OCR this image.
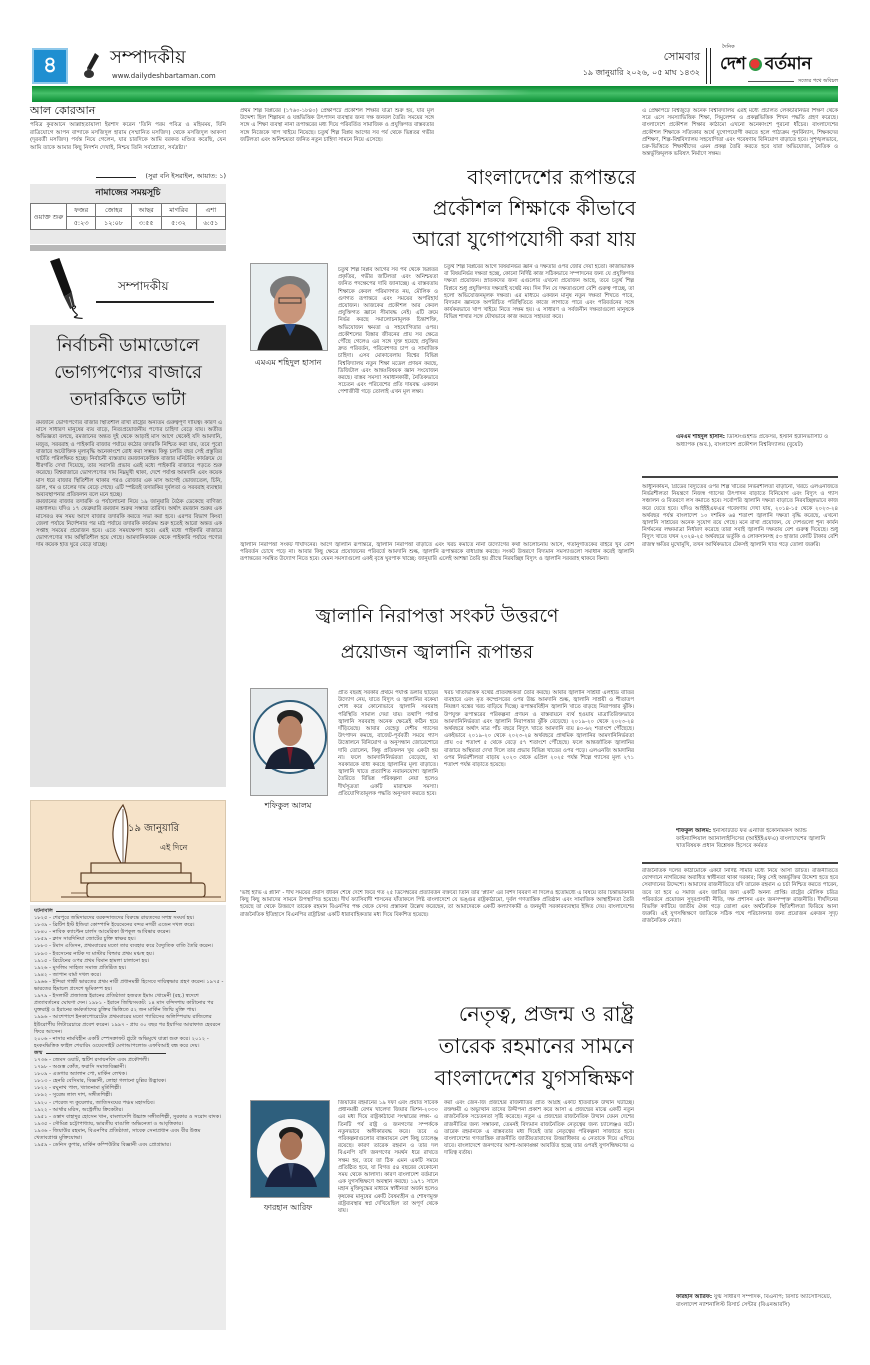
৪	সম্পাদকীয়
www.dailydeshbartaman.com
সোমবার
১৯ জানুয়ারি ২০২৬, ০৫ মাঘ ১৪৩২
দৈনিক
দেশ বর্তমান
সত্যের পথে অবিচল
আল কোরআন
পবিত্র কুরআনে আল্লাহতায়ালা ইরশাদ করেন 'তিনি পরম পবিত্র ও মহিমময়, যিনি রাত্রিযোগে আপন বান্দাকে মসজিদুল হারাম (সম্মানিত মসজিদ) থেকে মসজিদুল আকসা (দূরবর্তী মসজিদ) পর্যন্ত নিয়ে গেলেন, যার চারদিকে আমি বরকত মণ্ডিত করেছি, যেন আমি তাকে আমার কিছু নিদর্শন দেখাই, নিশ্চয় তিনি সর্বশ্রোতা, সর্বদ্রষ্টা।'
(সুরা বনি ইসরাইল, আয়াত: ১)
নামাজের সময়সূচি
ওয়াক্ত শুরু	ফজর	জোহর	আছর	মাগরিব	এশা
	৫:২৩	১২:০৮	৩:৫৫	৫:৩২	৬:৫১
সম্পাদকীয়
নির্বাচনী ডামাডোলে ভোগ্যপণ্যের বাজারে তদারকিতে ভাটা

রমজানে ভোগ্যপণ্যের বাজার স্থিতিশীল রাখা রাষ্ট্রের অন্যতম গুরুত্বপূর্ণ দায়িত্ব। কারণ এ মাসে সাধারণ মানুষের ব্যয় বাড়ে, নিত্যপ্রয়োজনীয় পণ্যের চাহিদা বেড়ে যায়। অতীত অভিজ্ঞতা বলছে, রমজানের অন্তত দুই থেকে আড়াই মাস আগে থেকেই যদি আমদানি, মজুত, সরবরাহ ও পাইকারি বাজার পর্যায়ে কঠোর তদারকি নিশ্চিত করা যায়, তবে পুরো বাজারে অযৌক্তিক মূল্যবৃদ্ধি অনেকাংশে রোধ করা সম্ভব। কিন্তু চলতি বছর সেই প্রস্তুতির ঘাটতি পরিলক্ষিত হচ্ছে। নির্বাচনী ব্যস্ততায় রমজানকেন্দ্রিক বাজার মনিটরিং কার্যক্রমে যে ধীরগতি দেখা দিয়েছে, তার সরাসরি প্রভাব এরই মধ্যে পাইকারি বাজারে পড়তে শুরু করেছে। বিশ্ববাজারে ভোগ্যপণ্যের দাম নিম্নমুখী থাকা, দেশে পর্যাপ্ত আমদানি এবং কয়েক মাস ধরে বাজার স্থিতিশীল থাকার পরও রোজার এক মাস আগেই ভোজ্যতেল, চিনি, ডাল, গম ও চালের দাম বেড়ে গেছে। এটি স্পষ্টতই তদারকির দুর্বলতা ও সরবরাহ ব্যবস্থার অব্যবস্থাপনার প্রতিফলন বলে মনে হচ্ছে।

রমজানের বাজার তদারকি ও পর্যালোচনা নিয়ে ১৯ জানুয়ারি বৈঠক ডেকেছে বাণিজ্য মন্ত্রণালয়। যদিও ১৭ ফেব্রুয়ারি রমজান শুরুর সম্ভাব্য তারিখ। অর্থাৎ রমজান শুরুর এক মাসেরও কম সময় আগে বাজার তদারকি করতে সভা করা হবে। এরপর বিভাগ কিংবা জেলা পর্যায়ে নির্দেশনার পর মাঠ পর্যায়ে তদারকি কার্যক্রম শুরু হতেই আরো অন্তত এক সপ্তাহ সময়ের প্রয়োজন হবে। এতে সময়ক্ষেপণ হবে। এরই মধ্যে পাইকারি বাজারে ভোগ্যপণ্যের দাম অস্থিতিশীল হয়ে গেছে। আমদানিকারক থেকে পাইকারি পর্যায়ে পণ্যের দাম কয়েক হাত ঘুরে বেড়ে যাচ্ছে।

১৯ জানুয়ারি
এই দিনে
ঘটনাবলি
১৮২৫ - শেরপুরে জমিদারদের বরকন্দাজদের বিরুদ্ধে রায়তদের সশস্ত্র সংঘর্ষ হয়।
১৮৩৯ - ব্রিটিশ ইস্ট ইন্ডিয়া কোম্পানি ইয়েমেনের বন্দর নগরী এডেন দখল করে।
১৮৪০ - নাবিক ক্যাপ্টেন চার্লস আমেরিকা উপকূল আবিষ্কার করেন।
১৮৫৯ - ক্লাস সারদিনিয়া জোটের চুক্তি স্বাক্ষর হয়।
১৮৮৩ - টমাস এডিসন, প্রথমবারের মতো তার ব্যবহার করে বৈদ্যুতিক বাতি তৈরি করেন।
১৮৯৩ - ইবসেনের নাটক দ্য মাস্টার বিল্ডার প্রথম মঞ্চস্থ হয়।
১৯১৫ - ব্রিটেনের ওপর প্রথম বিমান হামলা চালানো হয়।
১৯২৬ - মুসলিম সাহিত্য সমাজ প্রতিষ্ঠিত হয়।
১৯৪২ - জাপান বার্মা দখল করে।
১৯৬৬ - ইন্দিরা গান্ধী ভারতের প্রথম নারী প্রধানমন্ত্রী হিসেবে দায়িত্বভার গ্রহণ করেন। ১৯৭৫ - ভারতের হিমাচল প্রদেশে ভূমিকম্প হয়।
১৯৭৯ - ইসলামী প্রজাতন্ত্র ইরানের প্রতিষ্ঠাতা হজরত ইমাম খোমেনী (রহ.) স্বদেশে প্রত্যাবর্তনের ঘোষণা দেন। ১৯৮১ - ইরানে জিম্মিসংকট: ১৪ মাস বন্দিদশায় কাটানোর পর যুক্তরাষ্ট্র ও ইরানের কর্মকর্তাদের চুক্তির ভিত্তিতে ৫২ জন মার্কিন জিম্মি মুক্তি পায়।
১৯৯৬ - আশেপাশে ইনকাপোরেটেড প্রথমবারের মতো প্যারিসের অলিম্পিয়ায় রাজিলের ইউরোপীয় লিটারেচারে প্রবেশ করেন। ১৯৯৭ - প্রায় ৩০ বছর পর ইয়াসির আরাফাত হেবরনে ফিরে আসেন।
২০০৬ - নাসার নামবিহীন একটি স্পেসক্রাফট প্লুটো অভিমুখে যাত্রা শুরু করে। ২০১২ - হংকংভিত্তিক ফাইল শেয়ারিং ওয়েবসাইট মেগাআপলোড এফবিআই বন্ধ করে দেয়।
জন্ম
১৭৩৬ - জেমস ওয়াট, স্কটিশ রসায়নবিদ এবং প্রকৌশলী।
১৭৯৮ - অগুস্ত কোঁত, ফরাসি সমাজবিজ্ঞানী।
১৮০৯ - এডগার অ্যালান পো, মার্কিন লেখক।
১৮১৩ - হেনরি বেসিমার, বিজ্ঞানী, লোহা গলানো চুল্লির উদ্ভাবক।
১৮২২ - রঘুনাথ পাল, খ্যাতনামা মূর্তিশিল্পী।
১৮৯২ - সুরেন্দ্র লাল দাশ, সঙ্গীতশিল্পী।
১৯২০ - পেরেজ দ্য কুয়েলার, জাতিসংঘের পঞ্চম মহাসচিব।
১৯২২ - আর্থার মরিস, অস্ট্রেলীয় ক্রিকেটার।
১৯৫১ - ওস্তাদ বাহাদুর হোসেন খান, বাংলাদেশি উচ্চাঙ্গ সঙ্গীতশিল্পী, সুরকার ও সরোদ বাদক।
১৯৩৫ - সৌমিত্র চট্টোপাধ্যায়, ভারতীয় বাঙালি অভিনেতা ও আবৃত্তিকার।
১৯৩৬ - জিয়াউর রহমান, বিএনপির প্রতিষ্ঠাতা, সাবেক সেনাপ্রধান এবং বীর উত্তম খেতাবপ্রাপ্ত মুক্তিযোদ্ধা।
১৯৫৯ - ডেনিস কুপার, মার্কিন কম্পিউটার বিজ্ঞানী এবং প্রোগ্রামার।
প্রথম শিল্প বিপ্লবের (১৭৬০-১৮৪০) প্রেক্ষাপটে প্রকৌশল শিক্ষার যাত্রা শুরু হয়, যার মূল উদ্দেশ্য ছিল শিল্পায়ন ও যন্ত্রভিত্তিক উৎপাদন ব্যবস্থার জন্য দক্ষ জনবল তৈরি। সময়ের সঙ্গে সঙ্গে এ শিক্ষা ব্যবস্থা নানা রূপান্তরের মধ্য দিয়ে পরিবর্তিত সামাজিক ও প্রযুক্তিগত বাস্তবতার সঙ্গে নিজেকে খাপ খাইয়ে নিয়েছে। চতুর্থ শিল্প বিপ্লব আগের সব পর্ব থেকে ভিন্নতর গভীর জটিলতা এবং অনিশ্চয়তা জনিত নতুন চাহিদা সামনে নিয়ে এসেছে।
বাংলাদেশের রূপান্তরে
প্রকৌশল শিক্ষাকে কীভাবে
আরো যুগোপযোগী করা যায়
এমএম শহিদুল হাসান
চতুর্থ শিল্প বিপ্লব আগের সব পর্ব থেকে ভিন্নতর প্রকৃতির, গভীর জটিলতা এবং অনিশ্চয়তা জনিত পদক্ষেপের দাবি জানাচ্ছে। এ বাস্তবতায় শিক্ষাকে কেবল পরিমাণগত নয়, মৌলিক ও গুণগত রূপান্তরে এবং সময়ের অপরিহার্য প্রয়োজন। আজকের প্রকৌশল আর কেবল প্রযুক্তিগত জ্ঞানে সীমাবদ্ধ নেই। এটি ক্রমে নির্ভর করছে সমালোচনামূলক চিন্তাশক্তি, অভিযোজন ক্ষমতা ও সহযোগিতার ওপর। প্রকৌশলের বিস্তার জীবনের প্রায় সব ক্ষেত্রে পৌঁছে গেলেও এর সঙ্গে যুক্ত হয়েছে প্রযুক্তির দ্রুত পরিবর্তন, পরিবেশগত চাপ ও সামাজিক চাহিদা। এসব মোকাবেলায় বিশ্বের বিভিন্ন বিশ্ববিদ্যালয় নতুন শিক্ষা মডেল প্রণয়ন করছে, ডিজিটাল এবং আন্তঃবিষয়ক জ্ঞান সংযোজন করছে। বাস্তব সমস্যা সমাধানকারী, নৈতিকভাবে সচেতন এবং পরিবেশের প্রতি দায়বদ্ধ একজন পেশাজীবী গড়ে তোলাই এখন মূল লক্ষ্য।
চতুর্থ শিল্প বিপ্লবের আগে বিষয়নির্ভর জ্ঞান ও দক্ষতার ওপর জোর দেয়া হতো। কাজভিত্তিক বা বিষয়নির্ভর দক্ষতা হচ্ছে, কোনো নির্দিষ্ট কাজ সঠিকভাবে সম্পাদনের জন্য যে প্রযুক্তিগত দক্ষতা প্রয়োজন। স্নাতকদের জন্য এগুলোর এখনো প্রয়োজন আছে, তবে চতুর্থ শিল্প বিপ্লবে শুধু প্রযুক্তিগত দক্ষতাই যথেষ্ট নয়। দিন দিন যে দক্ষতাগুলো বেশি গুরুত্ব পাচ্ছে, তা হলো অভিযোজনমূলক দক্ষতা। এর মাধ্যমে একজন মানুষ নতুন দক্ষতা শিখতে পারে, বিদ্যমান জ্ঞানকে অপরিচিত পরিস্থিতিতে কাজে লাগাতে পারে এবং পরিবর্তনের সঙ্গে কার্যকরভাবে খাপ খাইয়ে নিতে সক্ষম হয়। এ সাধারণ ও সর্বজনীন দক্ষতাগুলো মানুষকে বিভিন্ন শাখার সঙ্গে যৌথভাবে কাজ করতে সহায়তা করে।
এ প্রেক্ষাপটে বিশ্বজুড়ে অনেক বিশ্ববিদ্যালয় এরই মধ্যে প্রচলিত লেকচারনির্ভর শিক্ষণ থেকে সরে এসে সমস্যাভিত্তিক শিক্ষা, সিমুলেশন ও প্রকল্পভিত্তিক শিখন পদ্ধতি গ্রহণ করেছে। বাংলাদেশে প্রকৌশল শিক্ষার কাঠামো এখনো অনেকাংশে পুরনো ধাঁচের। বাংলাদেশের প্রকৌশল শিক্ষাকে সত্যিকার অর্থে যুগোপযোগী করতে হলে পাঠ্যক্রম পুনর্বিন্যাস, শিক্ষকদের প্রশিক্ষণ, শিল্প-বিশ্ববিদ্যালয় সহযোগিতা এবং গবেষণায় বিনিয়োগ বাড়াতে হবে। সুশৃঙ্খলভাবে, চক্র-ভিত্তিতে শিক্ষার্থীদের এমন প্রকল্প তৈরি করতে হবে যারা অভিযোজ্য, নৈতিক ও অন্তর্ভুক্তিমূলক ভবিষ্যৎ নির্মাণে সক্ষম।
এমএম শহিদুল হাসান: ডিস্টিংগুইশড প্রফেসর, ইস্টার্ন ইউনিভার্সিটি ও অধ্যাপক (অব.), বাংলাদেশ প্রকৌশল বিশ্ববিদ্যালয় (বুয়েট)
জ্বালানি নিরাপত্তা সংকট দীর্ঘদিনের। আগে জ্বালানি রূপান্তরে, জ্বালানি নিরাপত্তা বাড়াতে এবং খরচ কমাতে নানা উদ্যোগের কথা আলোচনায় আসে, গতানুগতিকের বাইরে খুব বেশি পরিবর্তন চোখে পড়ে না। আবার কিছু ক্ষেত্রে প্রয়োজনের পরিবর্তে আমদানি শুল্ক, জ্বালানি রূপান্তরকে বাধাগ্রস্ত করছে। সংকট উত্তরণে বিদ্যমান সমস্যাগুলো সমাধান করেই জ্বালানি রূপান্তরের সমন্বিত উদ্যোগ নিতে হবে। যেমন সমস্যাগুলো একই বৃত্তে ঘুরপাক খাচ্ছে: জানুয়ারি এলেই আশঙ্কা তৈরি হয় গ্রীষ্মে নিরবচ্ছিন্ন বিদ্যুৎ ও জ্বালানি সরবরাহ থাকবে কিনা।
জ্বালানি নিরাপত্তা সংকট উত্তরণে
প্রয়োজন জ্বালানি রূপান্তর
শফিকুল আলম
প্রতি বছরই সরকার প্রথমে পর্যাপ্ত ডলার ছাড়ের উদ্যোগ নেয়, যাতে বিদ্যুৎ ও জ্বালানির বকেয়া শোধ করে কোনোভাবে জ্বালানি সরবরাহ পরিস্থিতি সামাল দেয়া যায়। তথাপি পর্যাপ্ত জ্বালানি সরবরাহ অনেক ক্ষেত্রেই কঠিন হয়ে দাঁড়িয়েছে। আবার যেহেতু দেশীয় গ্যাসের উৎপাদন কমছে, বাজেট-পূর্ববর্তী সময়ে গ্যাস উত্তোলনে বিনিয়োগ ও অনুসন্ধান জোরেশোরে দাবি তোলেন, কিন্তু প্রতিফলন খুব একটা হয় না। ফলে আমদানিনির্ভরতা বেড়েছে, যা সরকারকে বাধ্য করছে জ্বালানির মূল্য বাড়াতে। জ্বালানি খাতে প্রত্যাশিত নবায়নযোগ্য জ্বালানি তৈরিতে বিভিন্ন পরিকল্পনা নেয়া হলেও দীর্ঘসূত্রতা একটি মারাত্মক সমস্যা। প্রতিযোগিতামূলক পদ্ধতি অনুসরণ করতে হবে।
খরচ খাতভিত্তিক যথেষ্ট প্রতিবন্ধকতা তৈরি করছে। আবার জ্বালানি সাশ্রয়ী এলইডি বাতির ব্যবহারে এবং মৃত কম্প্রেসরের ওপর উচ্চ আমদানি শুল্ক, জ্বালানি সাশ্রয়ী ও শীতাতপ নিয়ন্ত্রণ যন্ত্রের খরচ বাড়িয়ে দিচ্ছে। রূপান্তরবিহীন জ্বালানি খাতে বাড়ছে নিরাপত্তার ঝুঁকি। উপযুক্ত রূপান্তরের পরিকল্পনা প্রণয়ন ও বাস্তবায়নে ব্যর্থ হওয়ায় মাত্রাতিরিক্তভাবে আমদানিনির্ভরতা এবং জ্বালানি নিরাপত্তার ঝুঁকি বেড়েছে। ২০১৯-২০ থেকে ২০২৩-২৪ অর্থবছরে অর্থাৎ মাত্র পাঁচ বছরে বিদ্যুৎ খাতে আমদানি ব্যয় ৪০-৬২ শতাংশে পৌঁছেছে। একইভাবে ২০১৯-২০ থেকে ২০২৩-২৪ অর্থবছরে প্রাথমিক জ্বালানির আমদানিনির্ভরতা প্রায় ৩৫ শতাংশ ৫ থেকে বেড়ে ৫৭ শতাংশে পৌঁছেছে। ফলে আন্তর্জাতিক জ্বালানির বাজারে অস্থিরতা দেখা দিলে তার প্রভাব বিভিন্ন খাতের ওপর পড়ে। এলএনজি আমদানির ওপর নির্ভরশীলতা বাড়ায় ২০২৩ থেকে এপ্রিল ২০২৫ পর্যন্ত শিল্পে গ্যাসের মূল্য ২৭১ শতাংশ পর্যন্ত বাড়াতে হয়েছে।
আধুনিকায়ন, গ্রিডের বিদ্যুতের ওপর শিল্প খাতের নির্ভরশীলতা বাড়ানো, খরচে এলএনজিতে নির্ভরশীলতা নিয়ন্ত্রণে নিজস্ব গ্যাসের উৎপাদন বাড়াতে বিনিয়োগ এবং বিদ্যুৎ ও গ্যাস সঞ্চালন ও বিতরণে লস কমাতে হবে। সর্বোপরি জ্বালানি দক্ষতা বাড়াতে নিরবচ্ছিন্নভাবে কাজ করে যেতে হবে। যদিও আইইইএফএর গবেষণায় দেখা যায়, ২০১৪-১৫ থেকে ২০২৩-২৪ অর্থবছর পর্যন্ত বাংলাদেশ ১০ দশমিক ৬৪ শতাংশ জ্বালানি দক্ষতা বৃদ্ধি করেছে, এখনো জ্বালানি সাশ্রয়ের অনেক সুযোগ রয়ে গেছে। মনে রাখা প্রয়োজন, যে দেশগুলো শূন্য কার্বন নির্গমনের লক্ষ্যমাত্রা নির্ধারণ করেছে তারা সবাই জ্বালানি দক্ষতায় বেশ গুরুত্ব দিয়েছে। শুধু বিদ্যুৎ খাতে যখন ২০২৪-২৫ অর্থবছরে ভর্তুকি ও লোকসানসহ ৫৩ হাজার কোটি টাকার বেশি রাজস্ব ক্ষতির মুখোমুখি, তখন আর্থিকভাবে টেকসই জ্বালানি খাত গড়ে তোলা জরুরি।
শফিকুল আলম: ইনস্টিটিউট ফর এনার্জি ইকোনমিকস অ্যান্ড ফাইন্যান্সিয়াল অ্যানালাইসিসের (আইইইএফএ) বাংলাদেশের জ্বালানি খাতবিষয়ক প্রধান বিশ্লেষক হিসেবে কর্মরত
'ভাই হ্যাভ এ প্ল্যান' - দীর্ঘ সময়ের প্রবাস জীবন শেষে দেশে ফিরে গত ২৫ ডিসেম্বরের প্রত্যাবর্তন বক্তব্যে তিনি তার 'প্ল্যান' এর বিশদ বিবরণ না দিলেও ইতোমধ্যে এ বিষয়ে তার চিন্তাভাবনার কিছু কিছু আমাদের সামনে উপস্থাপিত হয়েছে। দীর্ঘ ফ্যাসিবাদী শাসনের যাঁতাকলে পিষ্ট বাংলাদেশে যে ভঙ্গুর রাষ্ট্রকাঠামো, দুর্বল গণতান্ত্রিক প্রতিষ্ঠান এবং সামাজিক আস্থাহীনতা তৈরি হয়েছে তা থেকে উত্তরণে তারেক রহমান বিএনপির পক্ষ থেকে যেসব প্রস্তাবনা উল্লেখ করেছেন, তা আমাদেরকে একটি কল্যাণকামী ও জনমুখী সরকারব্যবস্থার ইঙ্গিত দেয়। বাংলাদেশের রাজনৈতিক ইতিহাসে বিএনপির রাষ্ট্রচিন্তা একটি ধারাবাহিকতার মধ্য দিয়ে বিকশিত হয়েছে।
নেতৃত্ব, প্রজন্ম ও রাষ্ট্র
তারেক রহমানের সামনে
বাংলাদেশের যুগসন্ধিক্ষণ
ফারহান আরিফ
জিয়াউর রহমানের ১৯ দফা এবং প্রয়াত সাবেক প্রধানমন্ত্রী বেগম খালেদা জিয়ার ভিশন-২০৩০ এর মধ্য দিয়ে রাষ্ট্রকাঠামো সংস্কারের লক্ষ্য- এ তিনটি পর্ব রাষ্ট্র ও জনগণের সম্পর্ককে নতুনভাবে অঙ্গীকারবদ্ধ করে। তবে এ পরিকল্পনাগুলোর বাস্তবায়নে বেশ কিছু চ্যালেঞ্জ রয়েছে। কারণ তারেক রহমান ও তার দল বিএনপি যদি জনগণের সমর্থন ধরে রাখতে সক্ষম হয়, তবে তা ঠিক এমন একটি সময়ে প্রতিষ্ঠিত হবে, যা বিগত ৫৪ বছরের যেকোনো সময় থেকে আলাদা। কারণ বাংলাদেশ বর্তমানে এক যুগসন্ধিক্ষণে অবস্থান করছে। ১৯৭১ সালে মহান মুক্তিযুদ্ধের মাধ্যমে স্বাধীনতা অর্জন হলেও কৃষকের মানুষের একটি বৈষম্যহীন ও শোষণমুক্ত রাষ্ট্রব্যবস্থার স্বপ্ন দেখিয়েছিল তা অপূর্ণ থেকে যায়।
করা এবং জেন-জি প্রজন্মের রাজনীতির প্রতি আগ্রহ একটি ইতিবাচক উত্থান ঘটাচ্ছে। রক্তক্ষয়ী এ অভ্যুত্থান তাদের উদ্দীপনা প্রকাশ করে আসা এ প্রজন্মের মাঝে একটি নতুন রাজনৈতিক সচেতনতা সৃষ্টি করেছে। নতুন এ প্রজন্মের রাজনৈতিক উত্থান যেমন দেশের রাজনীতির জন্য সম্ভাবনা, তেমনই বিদ্যমান রাজনৈতিক নেতৃত্বের জন্য চ্যালেঞ্জও বটে। তারেক রহমানকে এ বাস্তবতার মধ্য দিয়েই তার নেতৃত্বের পরিকল্পনা সাজাতে হবে। বাংলাদেশের গণতান্ত্রিক রাজনীতি জাতীয়তাবাদের উত্তরাধিকার এ নেতাকে দিয়ে এগিয়ে যাবে। বাংলাদেশে জনগণের আশা-আকাঙ্ক্ষা আবর্তিত হচ্ছে তার ওপরই যুগসন্ধিক্ষণের এ দায়িত্ব বর্তায়।
রাজনৈতিক দলের কাঠামোকে একটা নির্দিষ্ট সীমার মধ্যে নিয়ে আসা উচিত। রাজনীতিতে যোগদানে নাগরিকের অবাধিত স্বাধীনতা থাকা দরকার; কিন্তু সেই অন্তর্ভুক্তির উদ্দেশ্য হতে হবে সেবাদানের উদ্দেশ্যে। আমাদের রাজনীতিতে যদি তারেক রহমান এ চর্চা নিশ্চিত করতে পারেন, তবে তা হবে এ সমাজ এবং জাতির জন্য একটি অনন্য প্রাপ্তি। রাষ্ট্রের মৌলিক চরিত্র পরিবর্তনে প্রয়োজন সুদূরপ্রসারী নীতি, দক্ষ প্রশাসন এবং জনসম্পৃক্ত রাজনীতি। দীর্ঘদিনের বিভক্তি কাটিয়ে জাতীয় ঐক্য গড়ে তোলা এবং অর্থনৈতিক স্থিতিশীলতা ফিরিয়ে আনা জরুরি। এই যুগসন্ধিক্ষণে জাতিকে সঠিক পথে পরিচালনার জন্য প্রয়োজন একজন সুদৃঢ় রাজনৈতিক নেতা।
ফারহান আরিফ: যুগ্ম সাধারণ সম্পাদক, বিএনপি; রিসার্চ অ্যাসোসিয়েট, বাংলাদেশ ন্যাশনালিস্ট রিসার্চ সেন্টার (বিএনআরসি)
